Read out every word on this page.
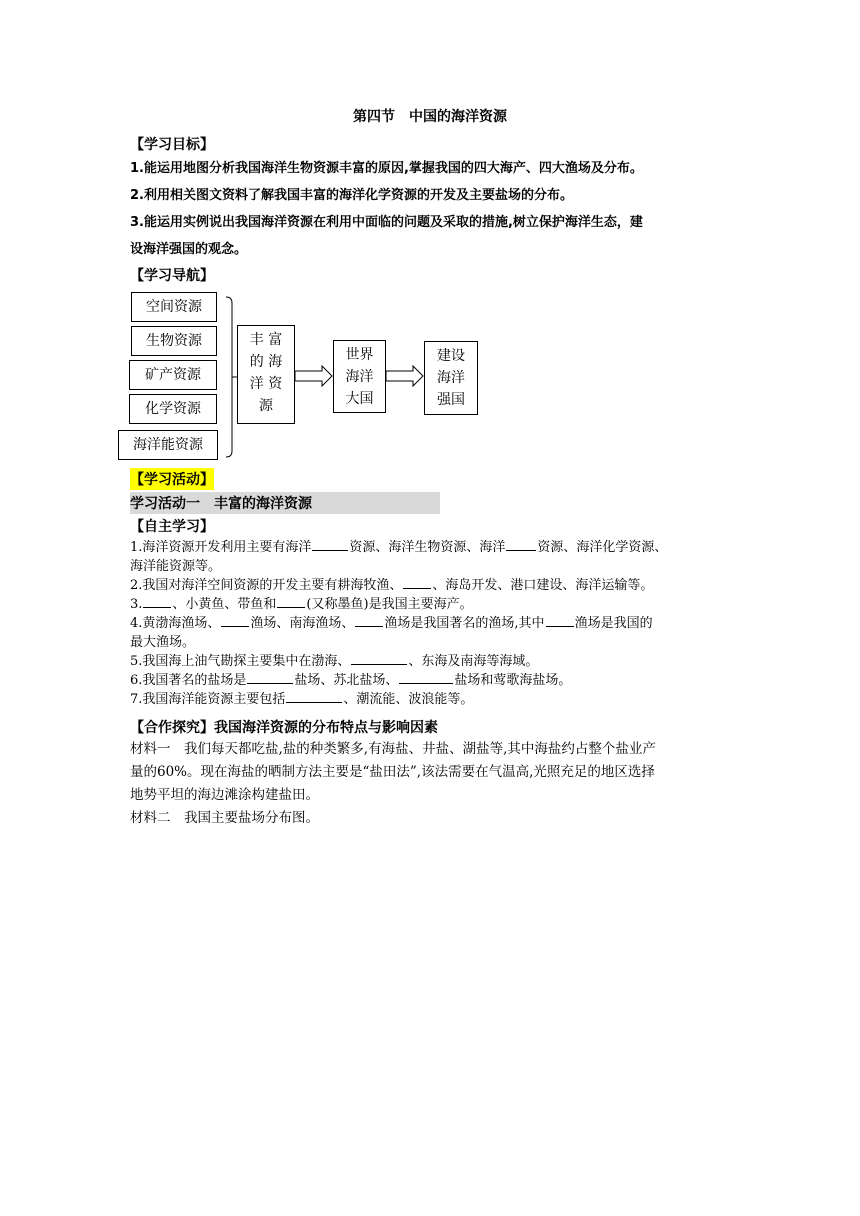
第四节　中国的海洋资源
【学习目标】
1.能运用地图分析我国海洋生物资源丰富的原因,掌握我国的四大海产、四大渔场及分布。
2.利用相关图文资料了解我国丰富的海洋化学资源的开发及主要盐场的分布。
3.能运用实例说出我国海洋资源在利用中面临的问题及采取的措施,树立保护海洋生态，建
设海洋强国的观念。
【学习导航】
空间资源
生物资源
矿产资源
化学资源
海洋能资源
丰 富
的 海
洋 资
源
世界
海洋
大国
建设
海洋
强国
【学习活动】
学习活动一　丰富的海洋资源
【自主学习】
1.海洋资源开发利用主要有海洋	资源、海洋生物资源、海洋 资源、海洋化学资源、
海洋能资源等。
2.我国对海洋空间资源的开发主要有耕海牧渔、 、海岛开发、港口建设、海洋运输等。
3. 、小黄鱼、带鱼和 (又称墨鱼)是我国主要海产。
4.黄渤海渔场、 渔场、南海渔场、 渔场是我国著名的渔场,其中 渔场是我国的
最大渔场。
5.我国海上油气勘探主要集中在渤海、	、东海及南海等海域。
6.我国著名的盐场是	盐场、苏北盐场、	盐场和莺歌海盐场。
7.我国海洋能资源主要包括	、潮流能、波浪能等。
【合作探究】我国海洋资源的分布特点与影响因素
材料一　我们每天都吃盐,盐的种类繁多,有海盐、井盐、湖盐等,其中海盐约占整个盐业产
量的60%。现在海盐的晒制方法主要是“盐田法”,该法需要在气温高,光照充足的地区选择
地势平坦的海边滩涂构建盐田。
材料二　我国主要盐场分布图。
